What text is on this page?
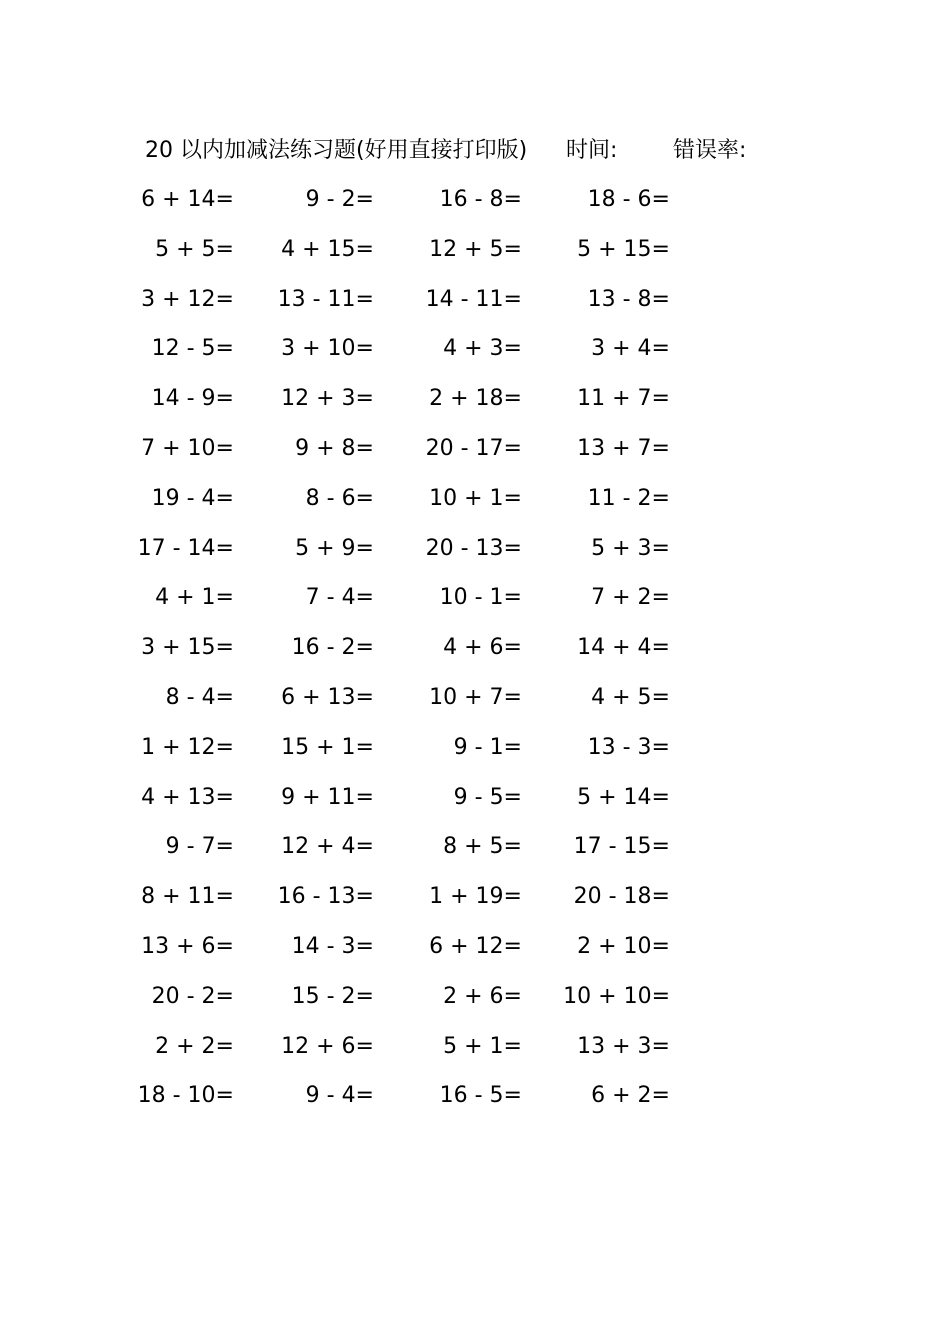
20 以内加减法练习题(好用直接打印版) 时间:	错误率:
6 + 14=	9 - 2=	16 - 8=	18 - 6=
5 + 5=	4 + 15=	12 + 5=	5 + 15=
3 + 12=	13 - 11=	14 - 11=	13 - 8=
12 - 5=	3 + 10=	4 + 3=	3 + 4=
14 - 9=	12 + 3=	2 + 18=	11 + 7=
7 + 10=	9 + 8=	20 - 17=	13 + 7=
19 - 4=	8 - 6=	10 + 1=	11 - 2=
17 - 14=	5 + 9=	20 - 13=	5 + 3=
4 + 1=	7 - 4=	10 - 1=	7 + 2=
3 + 15=	16 - 2=	4 + 6=	14 + 4=
8 - 4=	6 + 13=	10 + 7=	4 + 5=
1 + 12=	15 + 1=	9 - 1=	13 - 3=
4 + 13=	9 + 11=	9 - 5=	5 + 14=
9 - 7=	12 + 4=	8 + 5=	17 - 15=
8 + 11=	16 - 13=	1 + 19=	20 - 18=
13 + 6=	14 - 3=	6 + 12=	2 + 10=
20 - 2=	15 - 2=	2 + 6=	10 + 10=
2 + 2=	12 + 6=	5 + 1=	13 + 3=
18 - 10=	9 - 4=	16 - 5=	6 + 2=
